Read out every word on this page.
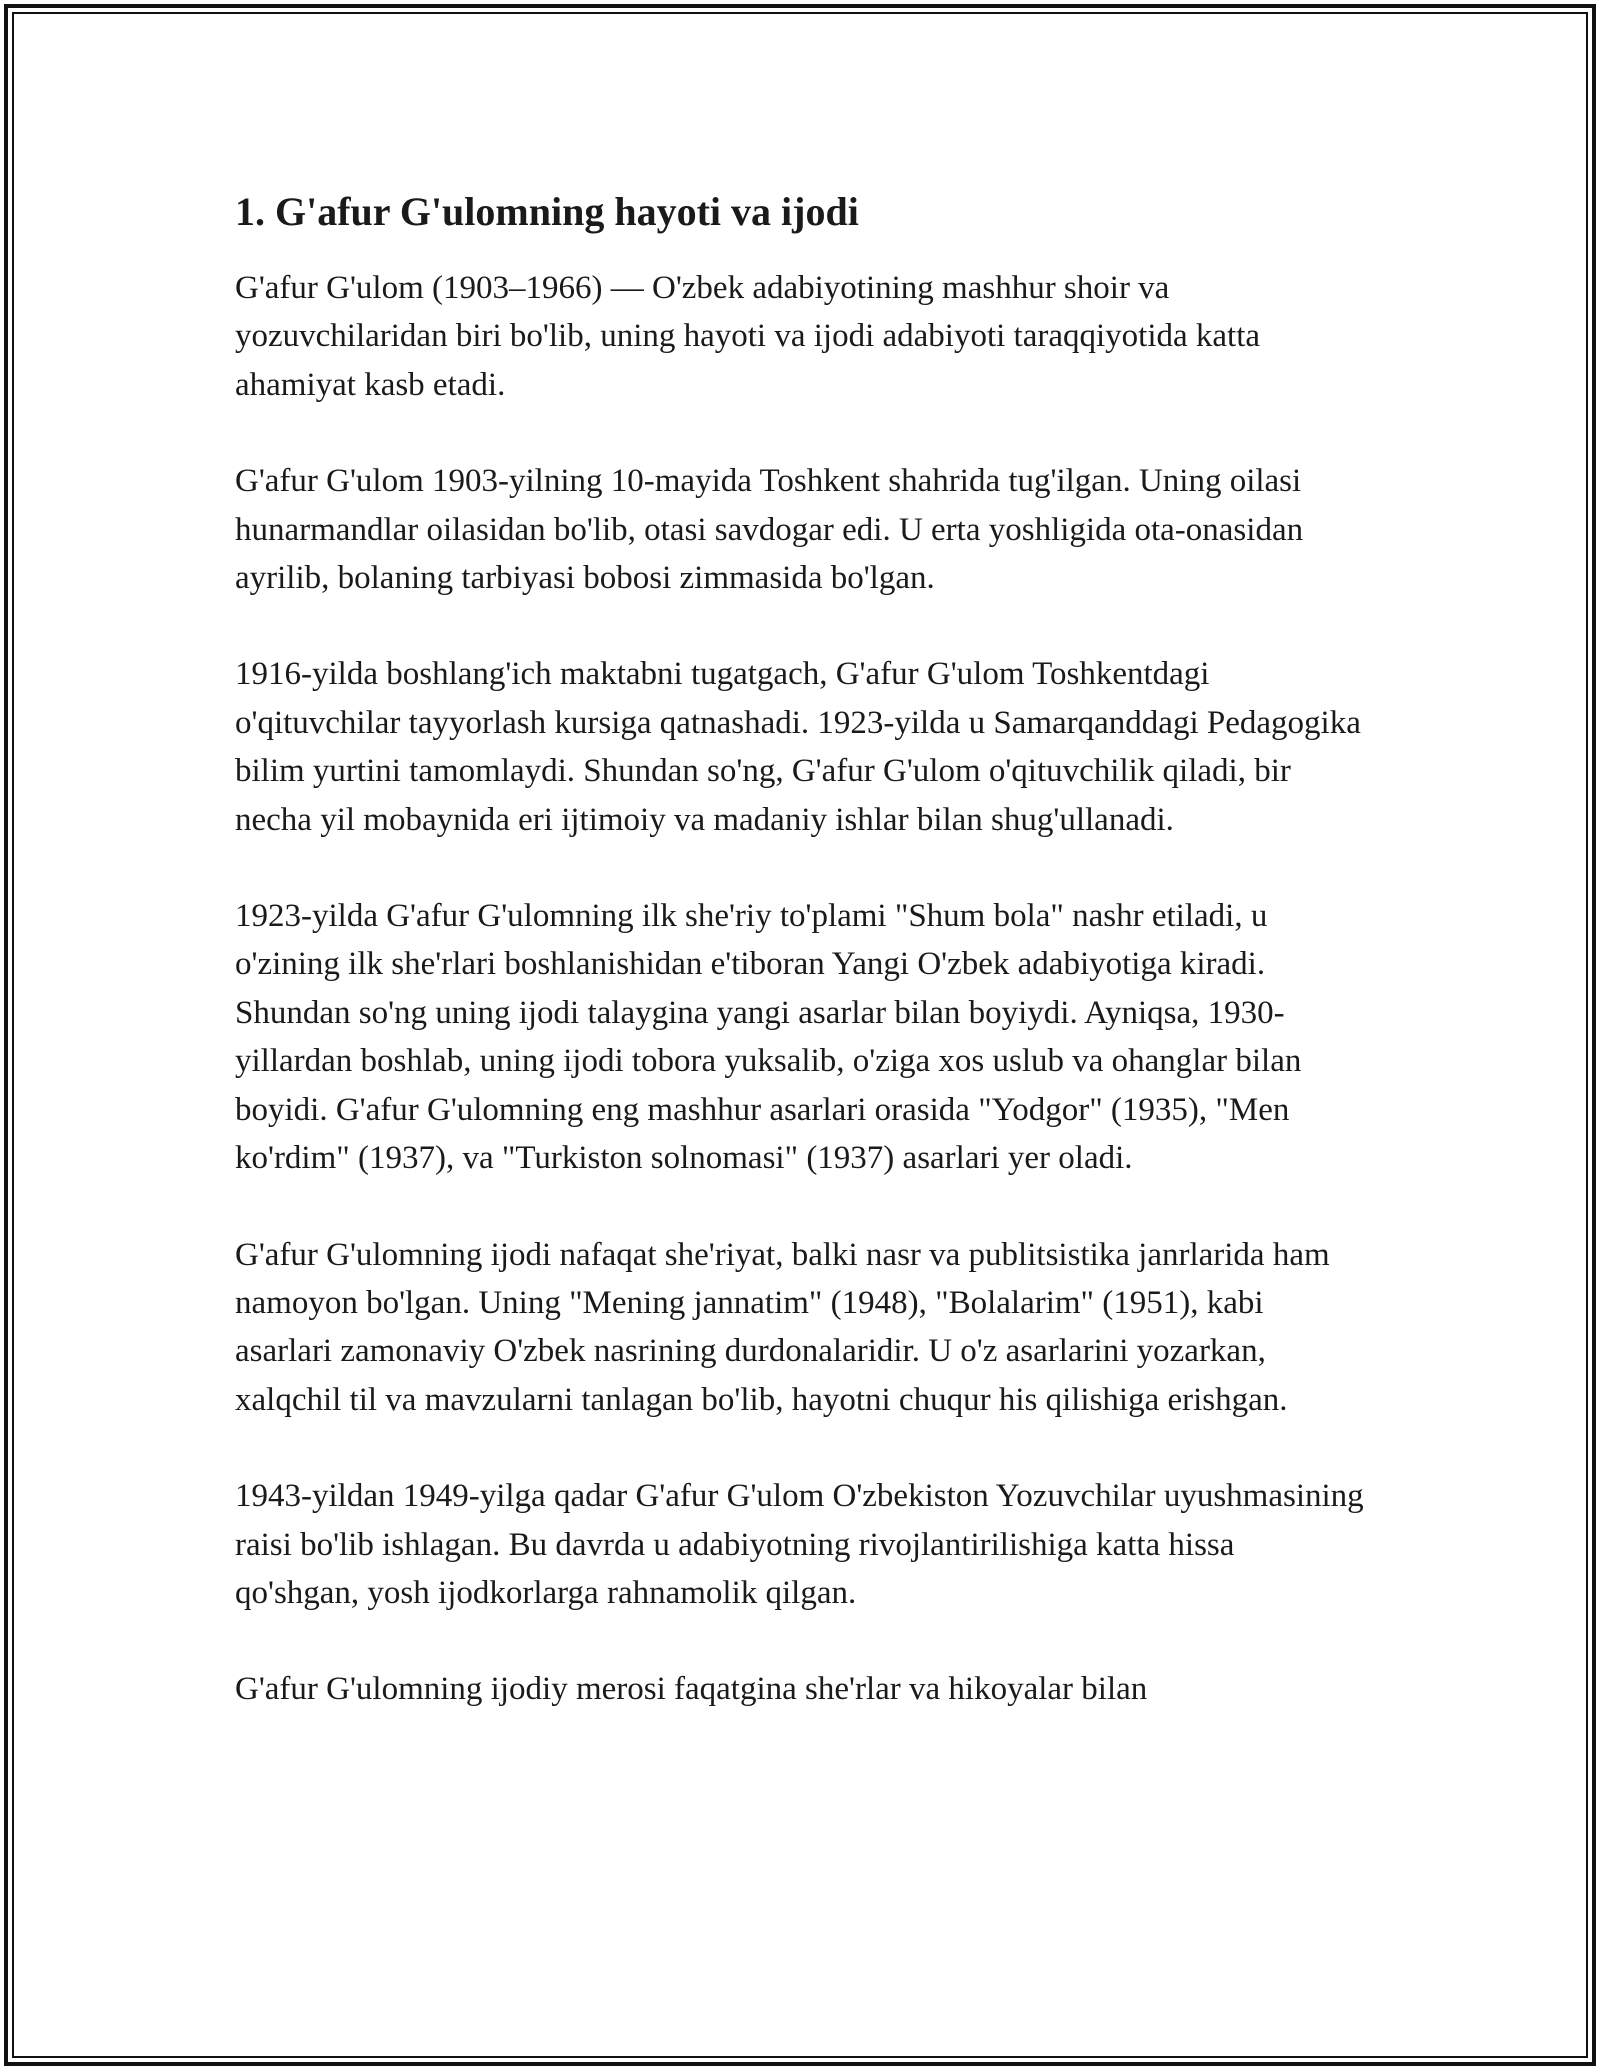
1. G'afur G'ulomning hayoti va ijodi

G'afur G'ulom (1903–1966) — O'zbek adabiyotining mashhur shoir va yozuvchilaridan biri bo'lib, uning hayoti va ijodi adabiyoti taraqqiyotida katta ahamiyat kasb etadi.

G'afur G'ulom 1903-yilning 10-mayida Toshkent shahrida tug'ilgan. Uning oilasi hunarmandlar oilasidan bo'lib, otasi savdogar edi. U erta yoshligida ota-onasidan ayrilib, bolaning tarbiyasi bobosi zimmasida bo'lgan.

1916-yilda boshlang'ich maktabni tugatgach, G'afur G'ulom Toshkentdagi o'qituvchilar tayyorlash kursiga qatnashadi. 1923-yilda u Samarqanddagi Pedagogika bilim yurtini tamomlaydi. Shundan so'ng, G'afur G'ulom o'qituvchilik qiladi, bir necha yil mobaynida eri ijtimoiy va madaniy ishlar bilan shug'ullanadi.

1923-yilda G'afur G'ulomning ilk she'riy to'plami "Shum bola" nashr etiladi, u o'zining ilk she'rlari boshlanishidan e'tiboran Yangi O'zbek adabiyotiga kiradi. Shundan so'ng uning ijodi talaygina yangi asarlar bilan boyiydi. Ayniqsa, 1930-yillardan boshlab, uning ijodi tobora yuksalib, o'ziga xos uslub va ohanglar bilan boyidi. G'afur G'ulomning eng mashhur asarlari orasida "Yodgor" (1935), "Men ko'rdim" (1937), va "Turkiston solnomasi" (1937) asarlari yer oladi.

G'afur G'ulomning ijodi nafaqat she'riyat, balki nasr va publitsistika janrlarida ham namoyon bo'lgan. Uning "Mening jannatim" (1948), "Bolalarim" (1951), kabi asarlari zamonaviy O'zbek nasrining durdonalaridir. U o'z asarlarini yozarkan, xalqchil til va mavzularni tanlagan bo'lib, hayotni chuqur his qilishiga erishgan.

1943-yildan 1949-yilga qadar G'afur G'ulom O'zbekiston Yozuvchilar uyushmasining raisi bo'lib ishlagan. Bu davrda u adabiyotning rivojlantirilishiga katta hissa qo'shgan, yosh ijodkorlarga rahnamolik qilgan.

G'afur G'ulomning ijodiy merosi faqatgina she'rlar va hikoyalar bilan
